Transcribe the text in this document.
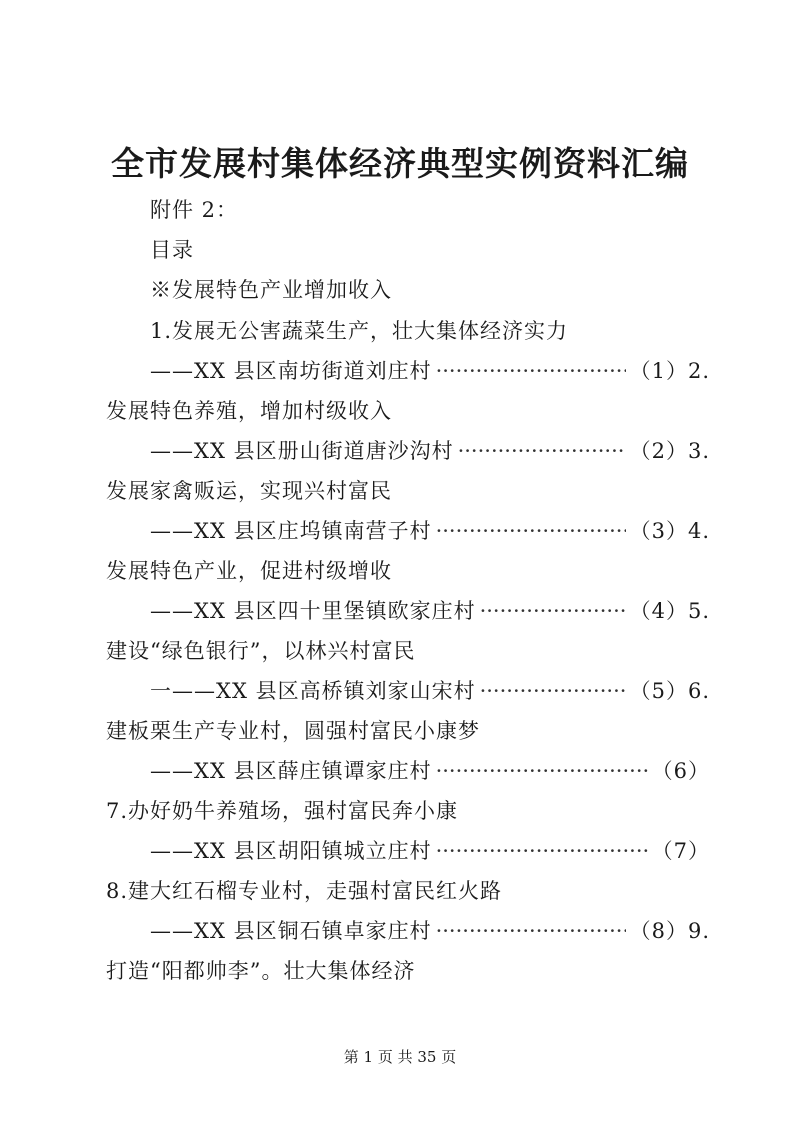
全市发展村集体经济典型实例资料汇编
附件 2：
目录
※发展特色产业增加收入
1.发展无公害蔬菜生产，壮大集体经济实力
——XX 县区南坊街道刘庄村 ·····	（1）2.
发展特色养殖，增加村级收入
——XX 县区册山街道唐沙沟村 ·····	（2）3.
发展家禽贩运，实现兴村富民
——XX 县区庄坞镇南营子村 ·····	（3）4.
发展特色产业，促进村级增收
——XX 县区四十里堡镇欧家庄村 ·····	（4）5.
建设“绿色银行”，以林兴村富民
一——XX 县区高桥镇刘家山宋村 ·····	（5）6.
建板栗生产专业村，圆强村富民小康梦
——XX 县区薛庄镇谭家庄村 ·····	（6）
7.办好奶牛养殖场，强村富民奔小康
——XX 县区胡阳镇城立庄村 ·····	（7）
8.建大红石榴专业村，走强村富民红火路
——XX 县区铜石镇卓家庄村 ·····	（8）9.
打造“阳都帅李”。壮大集体经济
第 1 页 共 35 页
